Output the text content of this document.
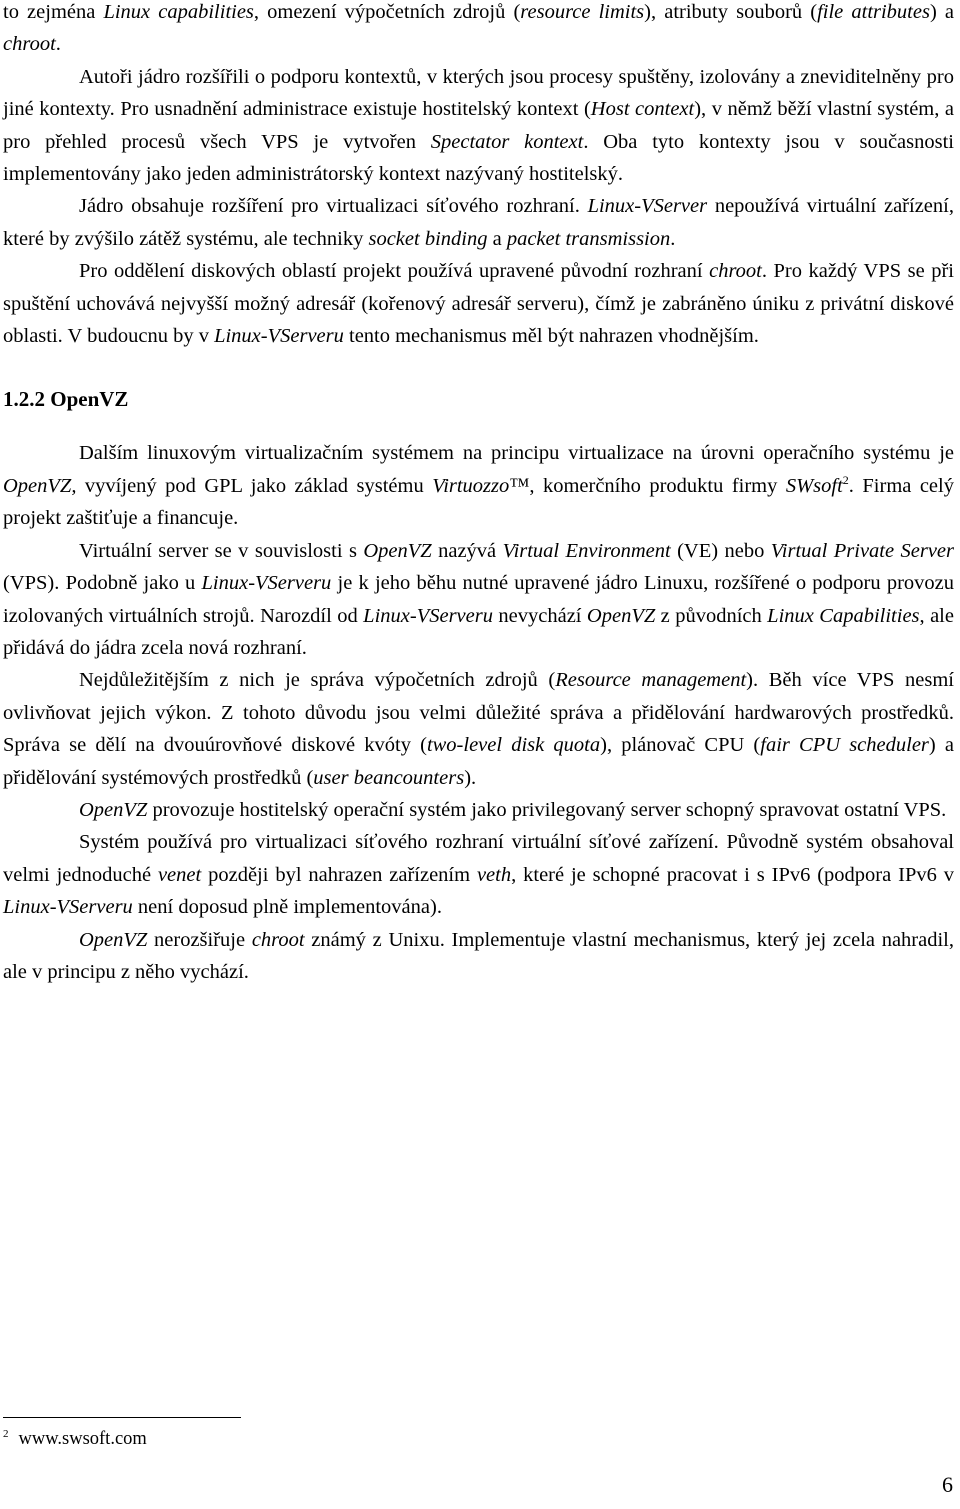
to zejména Linux capabilities, omezení výpočetních zdrojů (resource limits), atributy souborů (file attributes) a chroot.

Autoři jádro rozšířili o podporu kontextů, v kterých jsou procesy spuštěny, izolovány a zneviditelněny pro jiné kontexty. Pro usnadnění administrace existuje hostitelský kontext (Host context), v němž běží vlastní systém, a pro přehled procesů všech VPS je vytvořen Spectator kontext. Oba tyto kontexty jsou v současnosti implementovány jako jeden administrátorský kontext nazývaný hostitelský.

Jádro obsahuje rozšíření pro virtualizaci síťového rozhraní. Linux-VServer nepoužívá virtuální zařízení, které by zvýšilo zátěž systému, ale techniky socket binding a packet transmission.

Pro oddělení diskových oblastí projekt používá upravené původní rozhraní chroot. Pro každý VPS se při spuštění uchovává nejvyšší možný adresář (kořenový adresář serveru), čímž je zabráněno úniku z privátní diskové oblasti. V budoucnu by v Linux-VServeru tento mechanismus měl být nahrazen vhodnějším.

1.2.2 OpenVZ

Dalším linuxovým virtualizačním systémem na principu virtualizace na úrovni operačního systému je OpenVZ, vyvíjený pod GPL jako základ systému Virtuozzo™, komerčního produktu firmy SWsoft$^2$. Firma celý projekt zaštiťuje a financuje.

Virtuální server se v souvislosti s OpenVZ nazývá Virtual Environment (VE) nebo Virtual Private Server (VPS). Podobně jako u Linux-VServeru je k jeho běhu nutné upravené jádro Linuxu, rozšířené o podporu provozu izolovaných virtuálních strojů. Narozdíl od Linux-VServeru nevychází OpenVZ z původních Linux Capabilities, ale přidává do jádra zcela nová rozhraní.

Nejdůležitějším z nich je správa výpočetních zdrojů (Resource management). Běh více VPS nesmí ovlivňovat jejich výkon. Z tohoto důvodu jsou velmi důležité správa a přidělování hardwarových prostředků. Správa se dělí na dvouúrovňové diskové kvóty (two-level disk quota), plánovač CPU (fair CPU scheduler) a přidělování systémových prostředků (user beancounters).

OpenVZ provozuje hostitelský operační systém jako privilegovaný server schopný spravovat ostatní VPS.

Systém používá pro virtualizaci síťového rozhraní virtuální síťové zařízení. Původně systém obsahoval velmi jednoduché venet později byl nahrazen zařízením veth, které je schopné pracovat i s IPv6 (podpora IPv6 v Linux-VServeru není doposud plně implementována).

OpenVZ nerozšiřuje chroot známý z Unixu. Implementuje vlastní mechanismus, který jej zcela nahradil, ale v principu z něho vychází.

$^2$ www.swsoft.com
6
